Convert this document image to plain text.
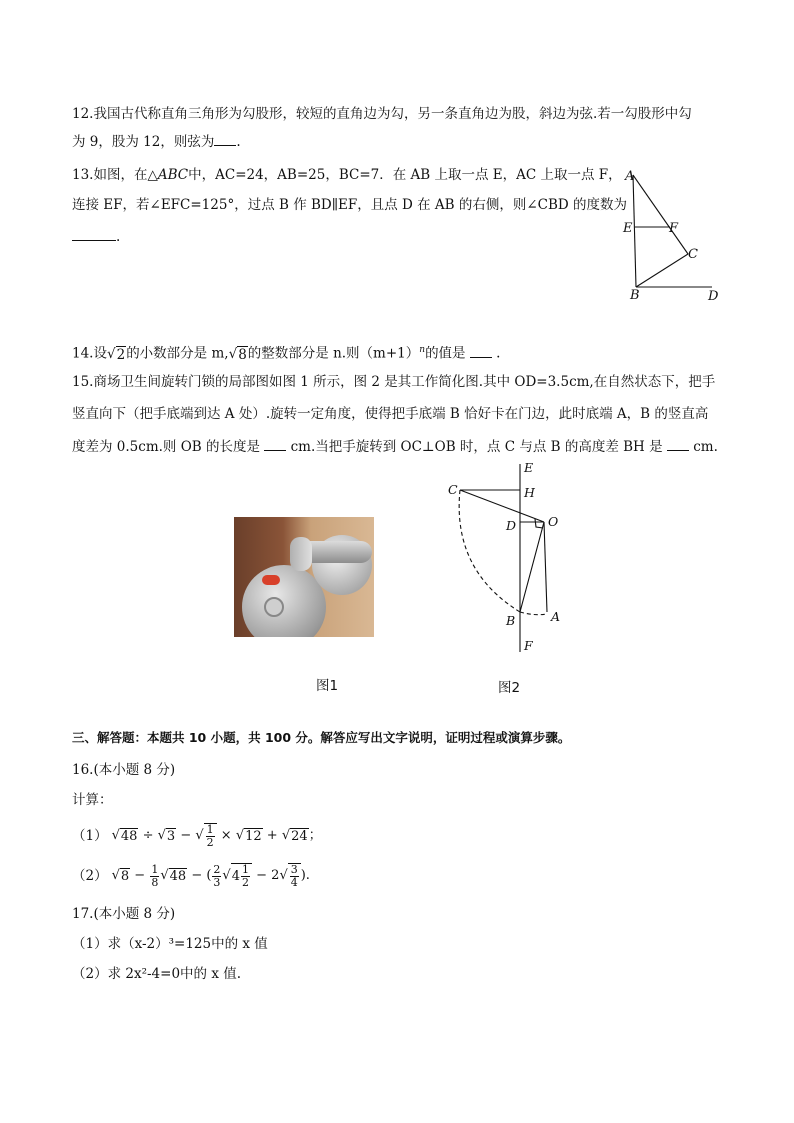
12.我国古代称直角三角形为勾股形，较短的直角边为勾，另一条直角边为股，斜边为弦.若一勾股形中勾
为 9，股为 12，则弦为 .
13.如图，在△ABC中，AC=24，AB=25，BC=7．在 AB 上取一点 E，AC 上取一点 F，
连接 EF，若∠EFC=125°，过点 B 作 BD∥EF，且点 D 在 AB 的右侧，则∠CBD 的度数为
.
A
E	F
C
B	D
14.设√ 2 的小数部分是 m,√ 8 的整数部分是 n.则$(m+1)^n$的值是 .
15.商场卫生间旋转门锁的局部图如图 1 所示，图 2 是其工作简化图.其中 OD=3.5cm,在自然状态下，把手
竖直向下（把手底端到达 A 处）.旋转一定角度，使得把手底端 B 恰好卡在门边，此时底端 A，B 的竖直高
度差为 0.5cm.则 OB 的长度是 cm.当把手旋转到 OC⊥OB 时，点 C 与点 B 的高度差 BH 是 cm.
图1
E
C	H
D	O
B	A
F
图2
三、解答题：本题共 10 小题，共 100 分。解答应写出文字说明，证明过程或演算步骤。
16.(本小题 8 分)
计算：
（1） √ 48 ÷ √ 3 − √ $\frac{1}{2}$ × √ 12 + √ 24 ；
（2） √ $8 - \frac{1}{8}$ √ 48 − ( $\frac{2}{3}$ √ $4 \frac{1}{2} - 2$ √ $\frac{3}{4}$ ).
17.(本小题 8 分)
（1）求（x-2）³=125中的 x 值
（2）求 2x²-4=0中的 x 值.
